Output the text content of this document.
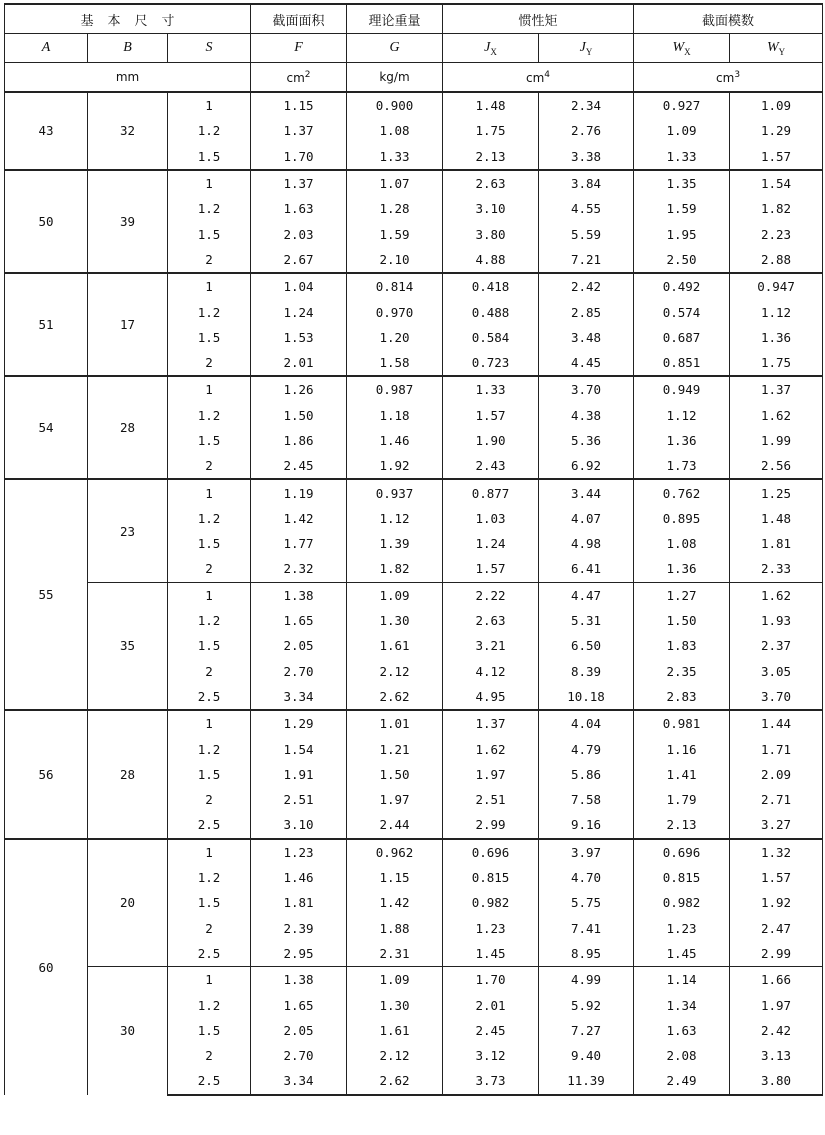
基本尺寸			截面面积	理论重量	惯性矩		截面模数	
A	B	S	F	G	$J_X$	$J_Y$	$W_X$	$W_Y$
mm			$cm^2$	kg/m	$cm^4$		$cm^3$
43	32	1	1.15	0.900	1.48	2.34	0.927	1.09
		1.2	1.37	1.08	1.75	2.76	1.09	1.29
		1.5	1.70	1.33	2.13	3.38	1.33	1.57
50	39	1	1.37	1.07	2.63	3.84	1.35	1.54
		1.2	1.63	1.28	3.10	4.55	1.59	1.82
		1.5	2.03	1.59	3.80	5.59	1.95	2.23
		2	2.67	2.10	4.88	7.21	2.50	2.88
51	17	1	1.04	0.814	0.418	2.42	0.492	0.947
		1.2	1.24	0.970	0.488	2.85	0.574	1.12
		1.5	1.53	1.20	0.584	3.48	0.687	1.36
		2	2.01	1.58	0.723	4.45	0.851	1.75
54	28	1	1.26	0.987	1.33	3.70	0.949	1.37
		1.2	1.50	1.18	1.57	4.38	1.12	1.62
		1.5	1.86	1.46	1.90	5.36	1.36	1.99
		2	2.45	1.92	2.43	6.92	1.73	2.56
55	23	1	1.19	0.937	0.877	3.44	0.762	1.25
		1.2	1.42	1.12	1.03	4.07	0.895	1.48
		1.5	1.77	1.39	1.24	4.98	1.08	1.81
		2	2.32	1.82	1.57	6.41	1.36	2.33
	35	1	1.38	1.09	2.22	4.47	1.27	1.62
		1.2	1.65	1.30	2.63	5.31	1.50	1.93
		1.5	2.05	1.61	3.21	6.50	1.83	2.37
		2	2.70	2.12	4.12	8.39	2.35	3.05
		2.5	3.34	2.62	4.95	10.18	2.83	3.70
56	28	1	1.29	1.01	1.37	4.04	0.981	1.44
		1.2	1.54	1.21	1.62	4.79	1.16	1.71
		1.5	1.91	1.50	1.97	5.86	1.41	2.09
		2	2.51	1.97	2.51	7.58	1.79	2.71
		2.5	3.10	2.44	2.99	9.16	2.13	3.27
60	20	1	1.23	0.962	0.696	3.97	0.696	1.32
		1.2	1.46	1.15	0.815	4.70	0.815	1.57
		1.5	1.81	1.42	0.982	5.75	0.982	1.92
		2	2.39	1.88	1.23	7.41	1.23	2.47
		2.5	2.95	2.31	1.45	8.95	1.45	2.99
	30	1	1.38	1.09	1.70	4.99	1.14	1.66
		1.2	1.65	1.30	2.01	5.92	1.34	1.97
		1.5	2.05	1.61	2.45	7.27	1.63	2.42
		2	2.70	2.12	3.12	9.40	2.08	3.13
		2.5	3.34	2.62	3.73	11.39	2.49	3.80
